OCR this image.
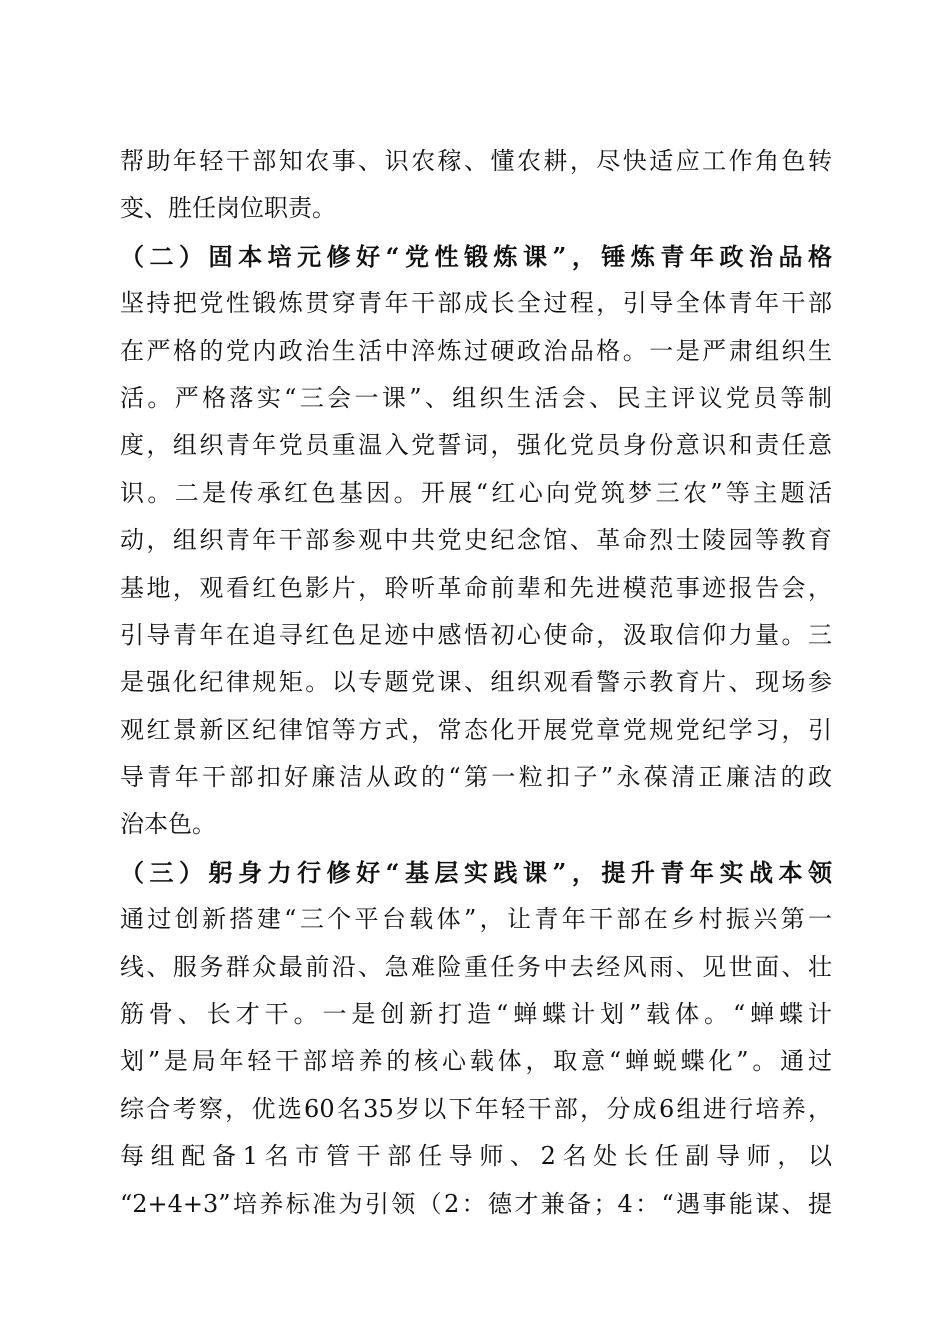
帮助年轻干部知农事、识农稼、懂农耕，尽快适应工作角色转
变、胜任岗位职责。
（二）固本培元修好“党性锻炼课”，锤炼青年政治品格
坚持把党性锻炼贯穿青年干部成长全过程，引导全体青年干部
在严格的党内政治生活中淬炼过硬政治品格。一是严肃组织生
活。严格落实“三会一课”、组织生活会、民主评议党员等制
度，组织青年党员重温入党誓词，强化党员身份意识和责任意
识。二是传承红色基因。开展“红心向党筑梦三农”等主题活
动，组织青年干部参观中共党史纪念馆、革命烈士陵园等教育
基地，观看红色影片，聆听革命前辈和先进模范事迹报告会，
引导青年在追寻红色足迹中感悟初心使命，汲取信仰力量。三
是强化纪律规矩。以专题党课、组织观看警示教育片、现场参
观红景新区纪律馆等方式，常态化开展党章党规党纪学习，引
导青年干部扣好廉洁从政的“第一粒扣子”永葆清正廉洁的政
治本色。
（三）躬身力行修好“基层实践课”，提升青年实战本领
通过创新搭建“三个平台载体”，让青年干部在乡村振兴第一
线、服务群众最前沿、急难险重任务中去经风雨、见世面、壮
筋骨、长才干。一是创新打造“蝉蝶计划”载体。“蝉蝶计
划”是局年轻干部培养的核心载体，取意“蝉蜕蝶化”。通过
综合考察，优选60名35岁以下年轻干部，分成6组进行培养，
每组配备1名市管干部任导师、2名处长任副导师，以
“2+4+3”培养标准为引领（2：德才兼备；4：“遇事能谋、提
